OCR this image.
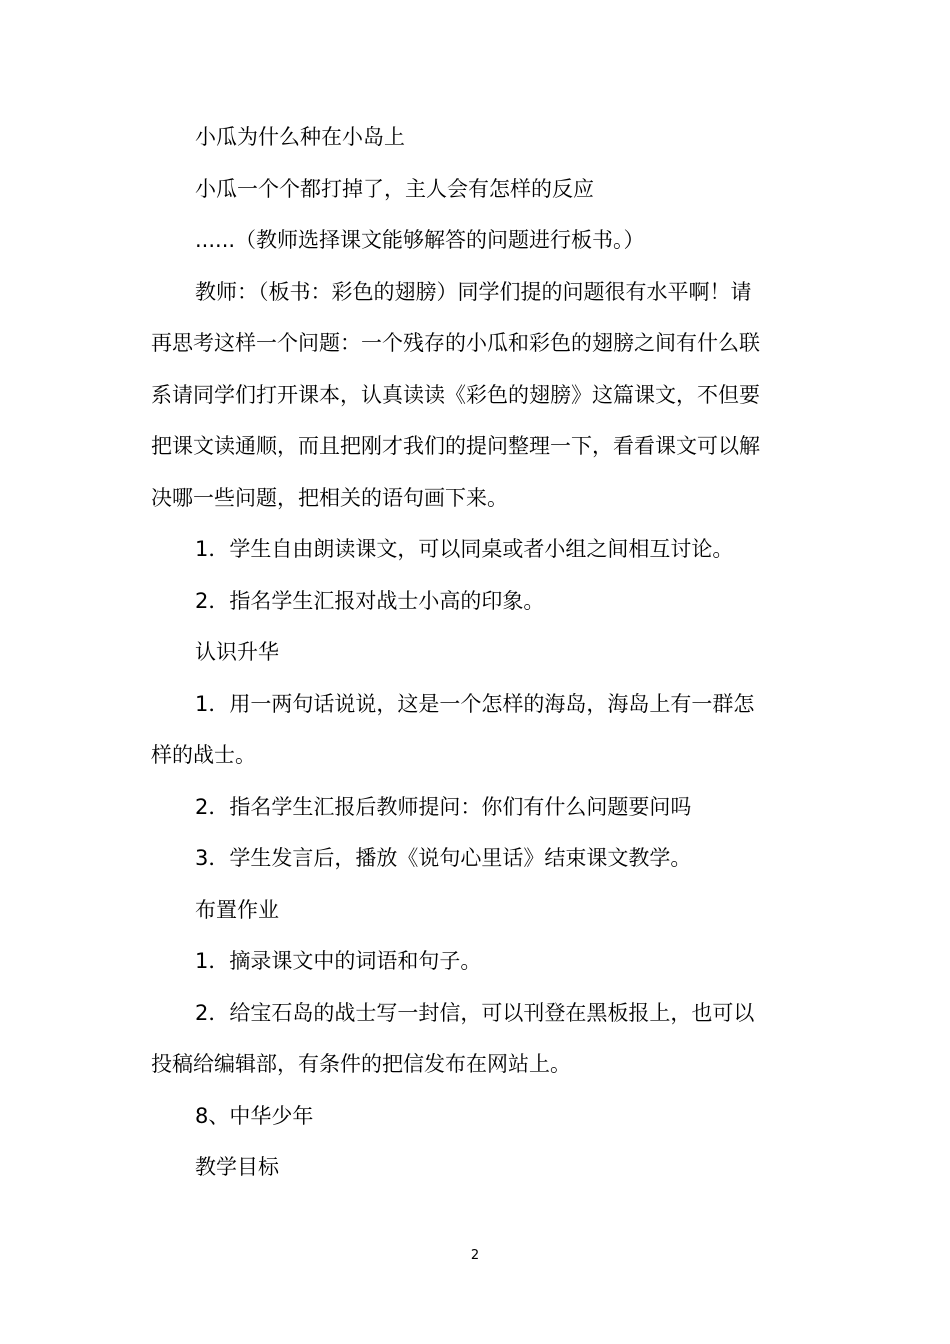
小瓜为什么种在小岛上

小瓜一个个都打掉了，主人会有怎样的反应

......（教师选择课文能够解答的问题进行板书。）

教师：（板书：彩色的翅膀）同学们提的问题很有水平啊！请

再思考这样一个问题：一个残存的小瓜和彩色的翅膀之间有什么联

系请同学们打开课本，认真读读《彩色的翅膀》这篇课文，不但要

把课文读通顺，而且把刚才我们的提问整理一下，看看课文可以解

决哪一些问题，把相关的语句画下来。

1．学生自由朗读课文，可以同桌或者小组之间相互讨论。

2．指名学生汇报对战士小高的印象。

认识升华

1．用一两句话说说，这是一个怎样的海岛，海岛上有一群怎

样的战士。

2．指名学生汇报后教师提问：你们有什么问题要问吗

3．学生发言后，播放《说句心里话》结束课文教学。

布置作业

1．摘录课文中的词语和句子。

2．给宝石岛的战士写一封信，可以刊登在黑板报上，也可以

投稿给编辑部，有条件的把信发布在网站上。

8、中华少年

教学目标

2
